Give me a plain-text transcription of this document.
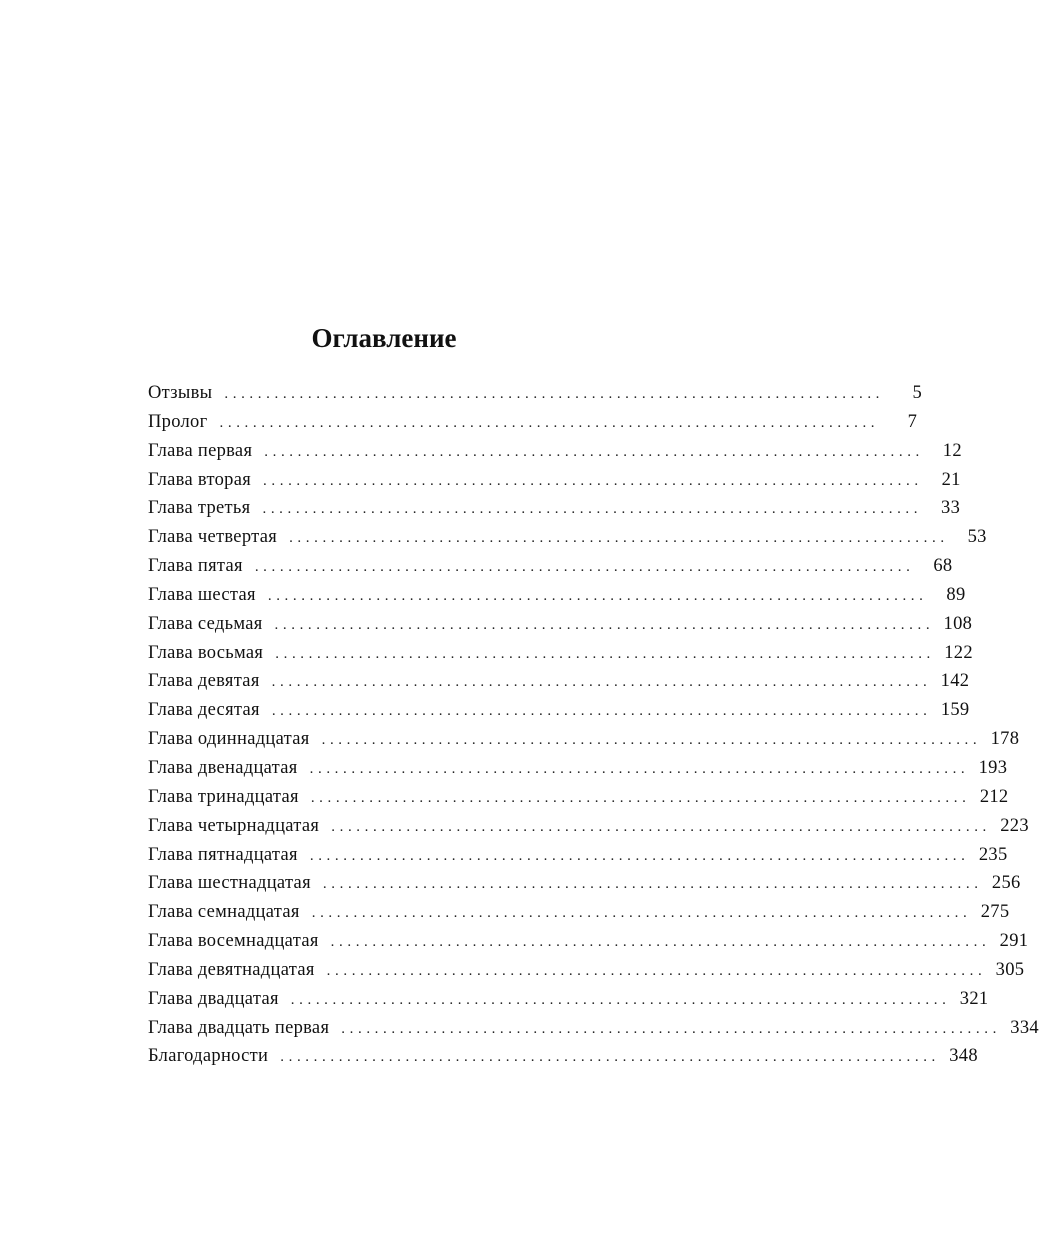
Оглавление
Отзывы ...............................................................................	5
Пролог ...............................................................................	7
Глава первая ...............................................................................	12
Глава вторая ...............................................................................	21
Глава третья ...............................................................................	33
Глава четвертая ...............................................................................	53
Глава пятая ...............................................................................	68
Глава шестая ...............................................................................	89
Глава седьмая ............................................................................... 108
Глава восьмая ............................................................................... 122
Глава девятая ............................................................................... 142
Глава десятая ............................................................................... 159
Глава одиннадцатая ............................................................................... 178
Глава двенадцатая ............................................................................... 193
Глава тринадцатая ............................................................................... 212
Глава четырнадцатая ............................................................................... 223
Глава пятнадцатая ............................................................................... 235
Глава шестнадцатая ............................................................................... 256
Глава семнадцатая ............................................................................... 275
Глава восемнадцатая ............................................................................... 291
Глава девятнадцатая ............................................................................... 305
Глава двадцатая ............................................................................... 321
Глава двадцать первая ............................................................................... 334
Благодарности ............................................................................... 348
